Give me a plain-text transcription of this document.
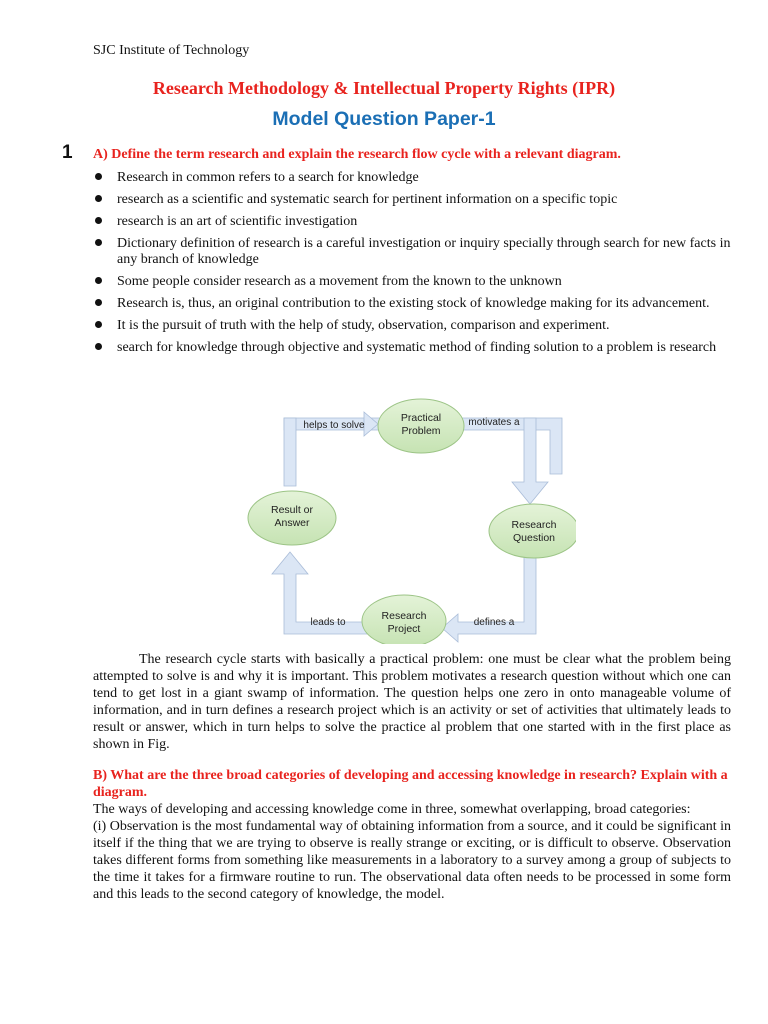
SJC Institute of Technology
Research Methodology & Intellectual Property Rights (IPR)
Model Question Paper-1
1 A) Define the term research and explain the research flow cycle with a relevant diagram.
Research in common refers to a search for knowledge
research as a scientific and systematic search for pertinent information on a specific topic
research is an art of scientific investigation
Dictionary definition of research is a careful investigation or inquiry specially through search for new facts in any branch of knowledge
Some people consider research as a movement from the known to the unknown
Research is, thus, an original contribution to the existing stock of knowledge making for its advancement.
It is the pursuit of truth with the help of study, observation, comparison and experiment.
search for knowledge through objective and systematic method of finding solution to a problem is research
Practical
Problem
Research
Question
Research
Project
Result or
Answer
helps to solve	motivates a
defines a
leads to
The research cycle starts with basically a practical problem: one must be clear what the problem being attempted to solve is and why it is important. This problem motivates a research question without which one can tend to get lost in a giant swamp of information. The question helps one zero in onto manageable volume of information, and in turn defines a research project which is an activity or set of activities that ultimately leads to result or answer, which in turn helps to solve the practice al problem that one started with in the first place as shown in Fig.
B) What are the three broad categories of developing and accessing knowledge in research? Explain with a diagram.
The ways of developing and accessing knowledge come in three, somewhat overlapping, broad categories:
(i) Observation is the most fundamental way of obtaining information from a source, and it could be significant in itself if the thing that we are trying to observe is really strange or exciting, or is difficult to observe. Observation takes different forms from something like measurements in a laboratory to a survey among a group of subjects to the time it takes for a firmware routine to run. The observational data often needs to be processed in some form and this leads to the second category of knowledge, the model.
